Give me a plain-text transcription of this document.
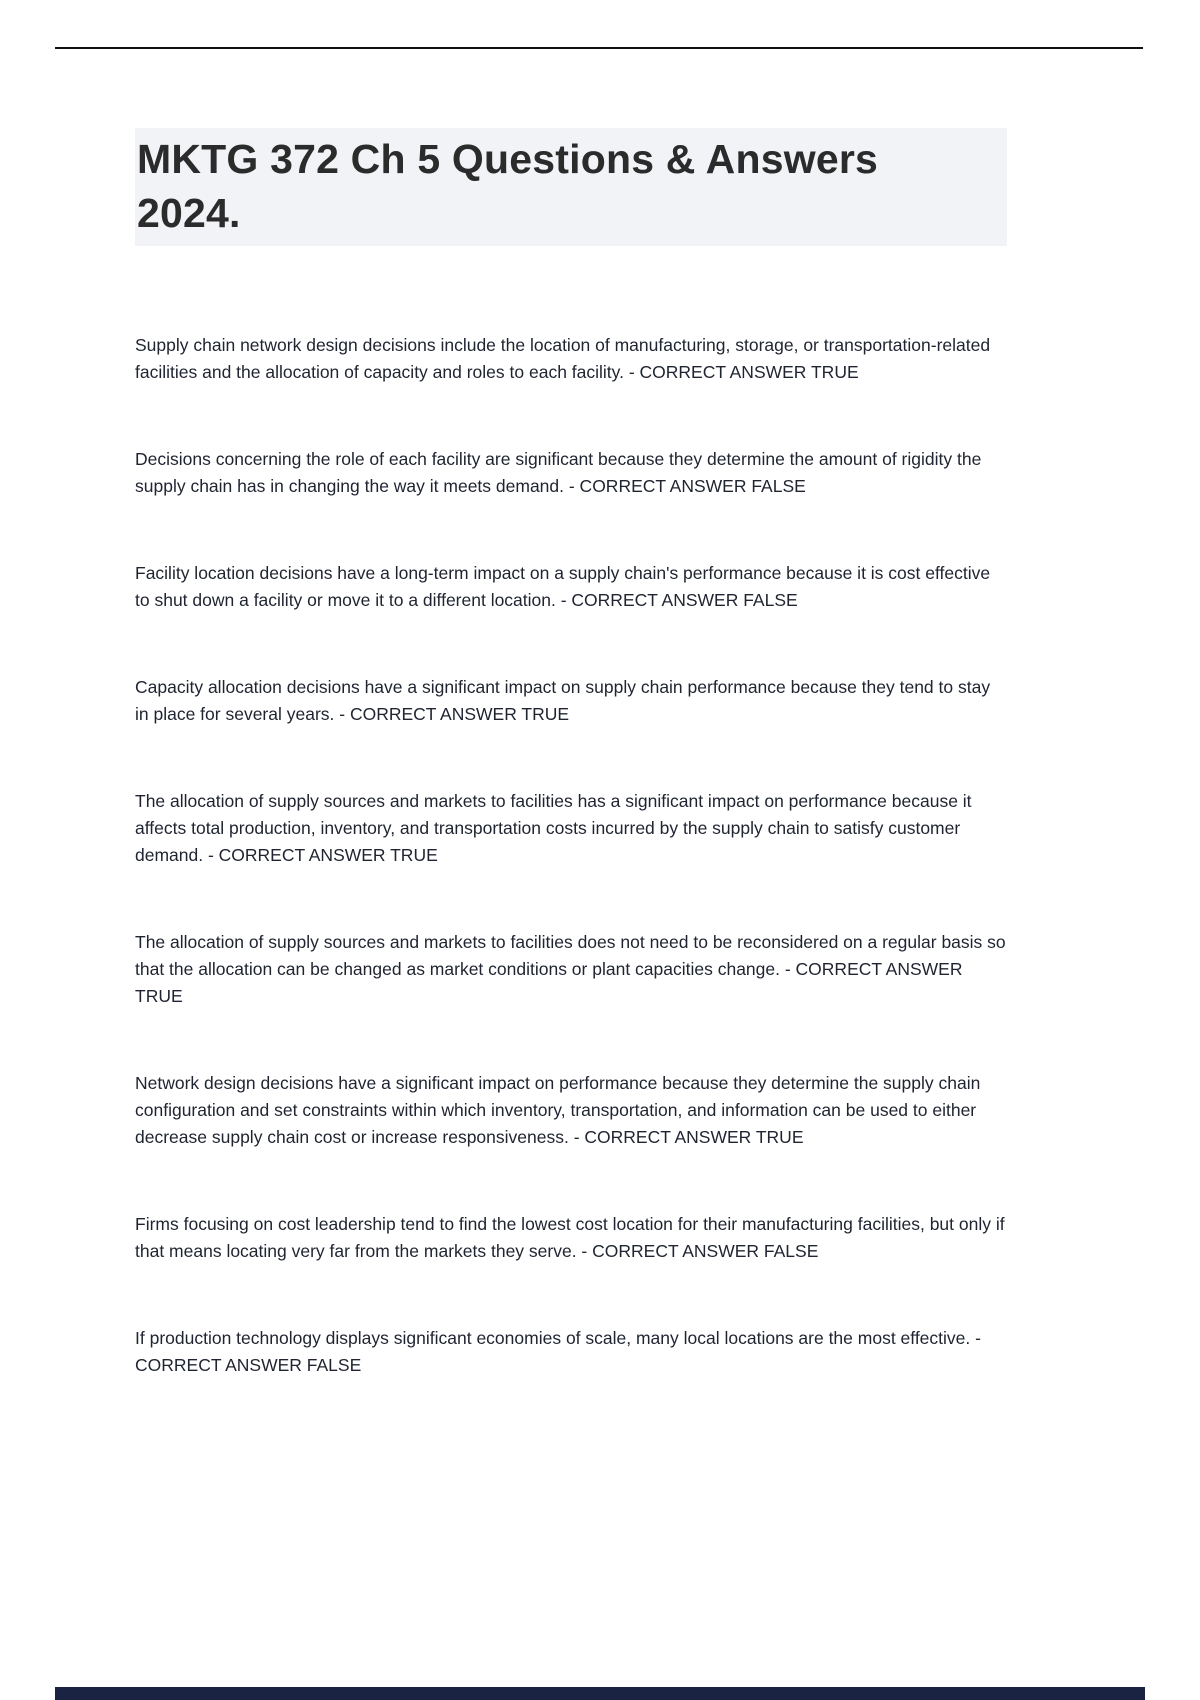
MKTG 372 Ch 5 Questions & Answers
2024.

Supply chain network design decisions include the location of manufacturing, storage, or transportation-related facilities and the allocation of capacity and roles to each facility. - CORRECT ANSWER TRUE

Decisions concerning the role of each facility are significant because they determine the amount of rigidity the supply chain has in changing the way it meets demand. - CORRECT ANSWER FALSE

Facility location decisions have a long-term impact on a supply chain's performance because it is cost effective to shut down a facility or move it to a different location. - CORRECT ANSWER FALSE

Capacity allocation decisions have a significant impact on supply chain performance because they tend to stay in place for several years. - CORRECT ANSWER TRUE

The allocation of supply sources and markets to facilities has a significant impact on performance because it affects total production, inventory, and transportation costs incurred by the supply chain to satisfy customer demand. - CORRECT ANSWER TRUE

The allocation of supply sources and markets to facilities does not need to be reconsidered on a regular basis so that the allocation can be changed as market conditions or plant capacities change. - CORRECT ANSWER TRUE

Network design decisions have a significant impact on performance because they determine the supply chain configuration and set constraints within which inventory, transportation, and information can be used to either decrease supply chain cost or increase responsiveness. - CORRECT ANSWER TRUE

Firms focusing on cost leadership tend to find the lowest cost location for their manufacturing facilities, but only if that means locating very far from the markets they serve. - CORRECT ANSWER FALSE

If production technology displays significant economies of scale, many local locations are the most effective. - CORRECT ANSWER FALSE
